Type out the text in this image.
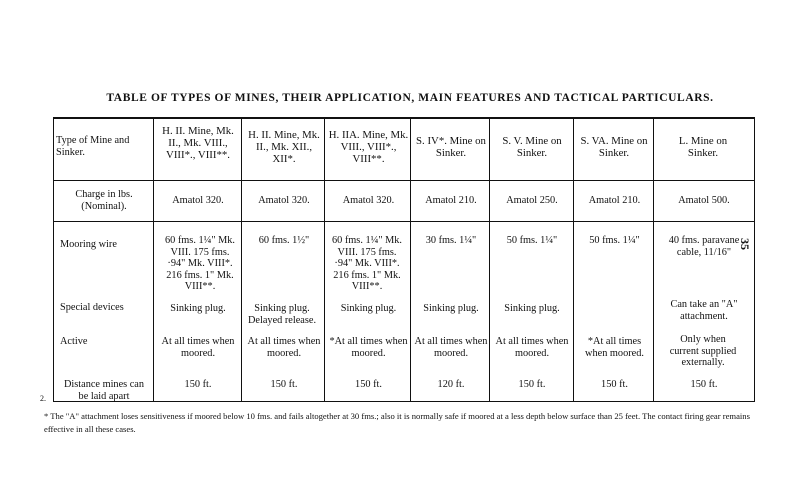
TABLE OF TYPES OF MINES, THEIR APPLICATION, MAIN FEATURES AND TACTICAL PARTICULARS.
35
Type of Mine and Sinker.
Charge in lbs. (Nominal).
Mooring wire
Special devices
Active
Distance mines can be laid apart
H. II. Mine, Mk. II., Mk. VIII., VIII*., VIII**.
Amatol 320.
60 fms. 1¼" Mk. VIII. 175 fms. ·94" Mk. VIII*. 216 fms. 1" Mk. VIII**.
Sinking plug.
At all times when moored.
150 ft.
H. II. Mine, Mk. II., Mk. XII., XII*.
Amatol 320.
60 fms. 1½"
Sinking plug. Delayed release.
At all times when moored.
150 ft.
H. IIA. Mine, Mk. VIII., VIII*., VIII**.
Amatol 320.
60 fms. 1¼" Mk. VIII. 175 fms. ·94" Mk. VIII*. 216 fms. 1" Mk. VIII**.
Sinking plug.
*At all times when moored.
150 ft.
S. IV*. Mine on Sinker.
Amatol 210.
30 fms. 1¼"
Sinking plug.
At all times when moored.
120 ft.
S. V. Mine on Sinker.
Amatol 250.
50 fms. 1¼"
Sinking plug.
At all times when moored.
150 ft.
S. VA. Mine on Sinker.
Amatol 210.
50 fms. 1¼"
*At all times when moored.
150 ft.
L. Mine on Sinker.
Amatol 500.
40 fms. paravane cable, 11/16"
Can take an "A" attachment.
Only when current supplied externally.
150 ft.
2.
* The "A" attachment loses sensitiveness if moored below 10 fms. and fails altogether at 30 fms.; also it is normally safe if moored at a less depth below surface than 25 feet. The contact firing gear remains effective in all these cases.
